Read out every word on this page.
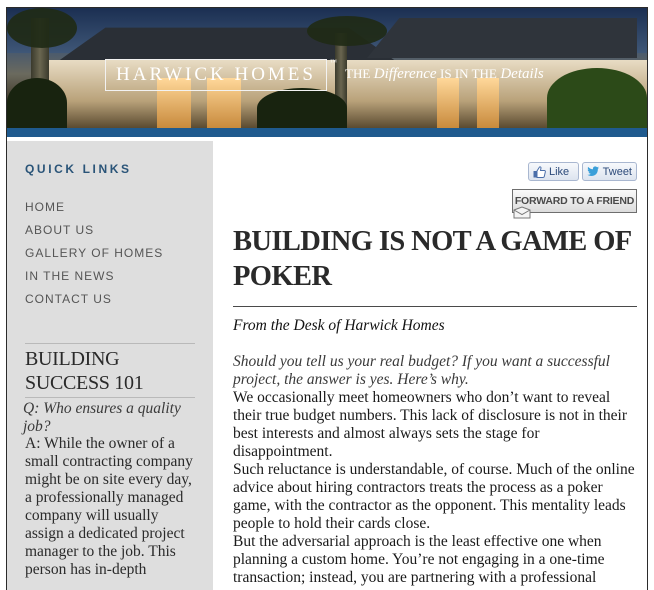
HARWICK HOMES
™
THE Difference IS IN THE Details
QUICK LINKS
HOME
ABOUT US
GALLERY OF HOMES
IN THE NEWS
CONTACT US
BUILDING SUCCESS 101
Q: Who ensures a quality job?
A: While the owner of a small contracting company might be on site every day, a professionally managed company will usually assign a dedicated project manager to the job. This person has in-depth
Like	Tweet
FORWARD TO A FRIEND
BUILDING IS NOT A GAME OF POKER
From the Desk of Harwick Homes

Should you tell us your real budget? If you want a successful project, the answer is yes. Here’s why.

We occasionally meet homeowners who don’t want to reveal their true budget numbers. This lack of disclosure is not in their best interests and almost always sets the stage for disappointment.

Such reluctance is understandable, of course. Much of the online advice about hiring contractors treats the process as a poker game, with the contractor as the opponent. This mentality leads people to hold their cards close.

But the adversarial approach is the least effective one when planning a custom home. You’re not engaging in a one-time transaction; instead, you are partnering with a professional
